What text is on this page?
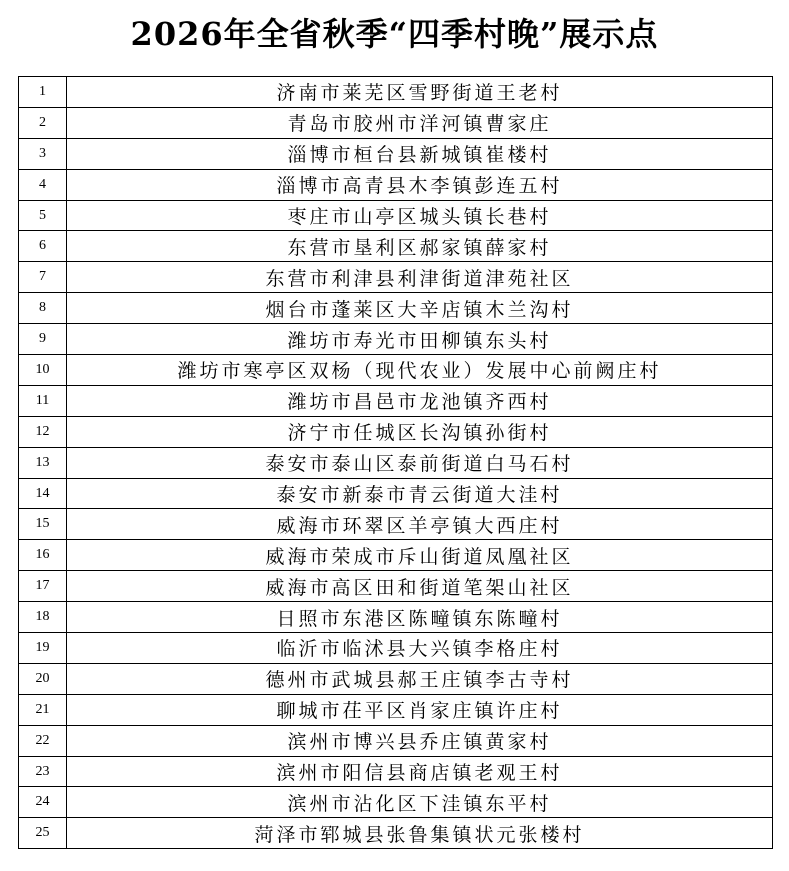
2026年全省秋季“四季村晚”展示点
1	济南市莱芜区雪野街道王老村
2	青岛市胶州市洋河镇曹家庄
3	淄博市桓台县新城镇崔楼村
4	淄博市高青县木李镇彭连五村
5	枣庄市山亭区城头镇长巷村
6	东营市垦利区郝家镇薛家村
7	东营市利津县利津街道津苑社区
8	烟台市蓬莱区大辛店镇木兰沟村
9	潍坊市寿光市田柳镇东头村
10	潍坊市寒亭区双杨（现代农业）发展中心前阙庄村
11	潍坊市昌邑市龙池镇齐西村
12	济宁市任城区长沟镇孙街村
13	泰安市泰山区泰前街道白马石村
14	泰安市新泰市青云街道大洼村
15	威海市环翠区羊亭镇大西庄村
16	威海市荣成市斥山街道凤凰社区
17	威海市高区田和街道笔架山社区
18	日照市东港区陈疃镇东陈疃村
19	临沂市临沭县大兴镇李格庄村
20	德州市武城县郝王庄镇李古寺村
21	聊城市茌平区肖家庄镇许庄村
22	滨州市博兴县乔庄镇黄家村
23	滨州市阳信县商店镇老观王村
24	滨州市沾化区下洼镇东平村
25	菏泽市郓城县张鲁集镇状元张楼村
